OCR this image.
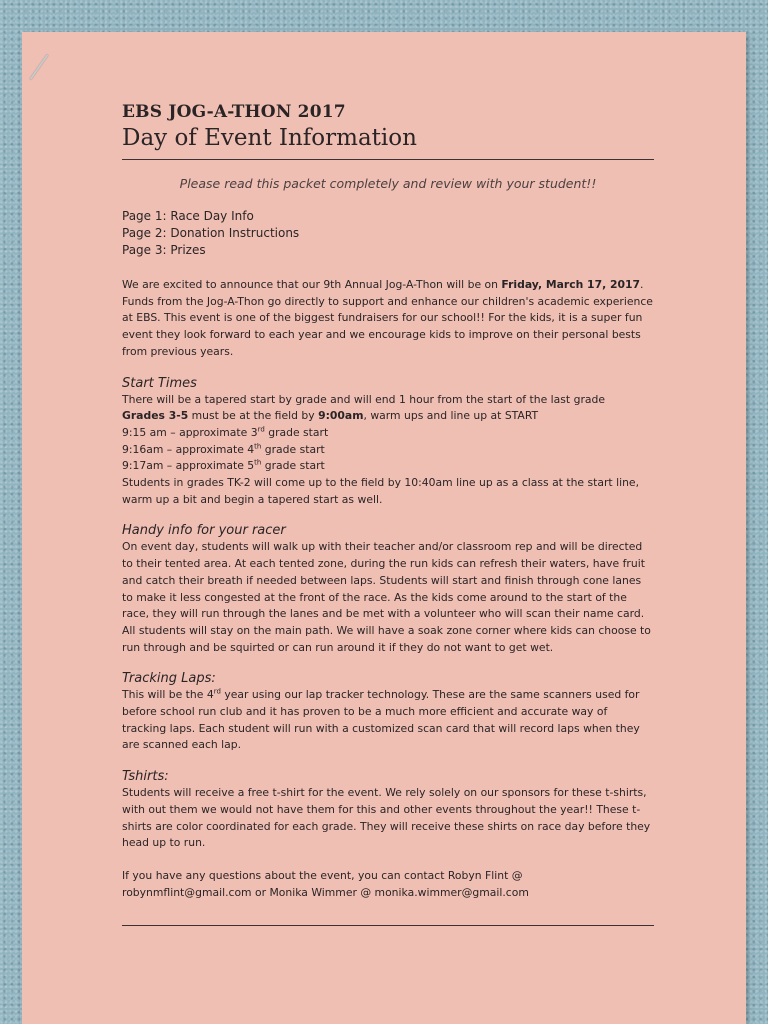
EBS JOG-A-THON 2017
Day of Event Information
Please read this packet completely and review with your student!!
Page 1: Race Day Info
Page 2: Donation Instructions
Page 3: Prizes

We are excited to announce that our 9th Annual Jog-A-Thon will be on Friday, March 17, 2017. Funds from the Jog-A-Thon go directly to support and enhance our children's academic experience at EBS. This event is one of the biggest fundraisers for our school!! For the kids, it is a super fun event they look forward to each year and we encourage kids to improve on their personal bests from previous years.

Start Times

There will be a tapered start by grade and will end 1 hour from the start of the last grade

Grades 3-5 must be at the field by 9:00am, warm ups and line up at START

9:15 am – approximate 3rd grade start

9:16am – approximate 4th grade start

9:17am – approximate 5th grade start

Students in grades TK-2 will come up to the field by 10:40am line up as a class at the start line, warm up a bit and begin a tapered start as well.

Handy info for your racer

On event day, students will walk up with their teacher and/or classroom rep and will be directed to their tented area. At each tented zone, during the run kids can refresh their waters, have fruit and catch their breath if needed between laps. Students will start and finish through cone lanes to make it less congested at the front of the race. As the kids come around to the start of the race, they will run through the lanes and be met with a volunteer who will scan their name card. All students will stay on the main path. We will have a soak zone corner where kids can choose to run through and be squirted or can run around it if they do not want to get wet.

Tracking Laps:

This will be the 4rd year using our lap tracker technology. These are the same scanners used for before school run club and it has proven to be a much more efficient and accurate way of tracking laps. Each student will run with a customized scan card that will record laps when they are scanned each lap.

Tshirts:

Students will receive a free t-shirt for the event. We rely solely on our sponsors for these t-shirts, with out them we would not have them for this and other events throughout the year!! These t-shirts are color coordinated for each grade. They will receive these shirts on race day before they head up to run.

If you have any questions about the event, you can contact Robyn Flint @ robynmflint@gmail.com or Monika Wimmer @ monika.wimmer@gmail.com
